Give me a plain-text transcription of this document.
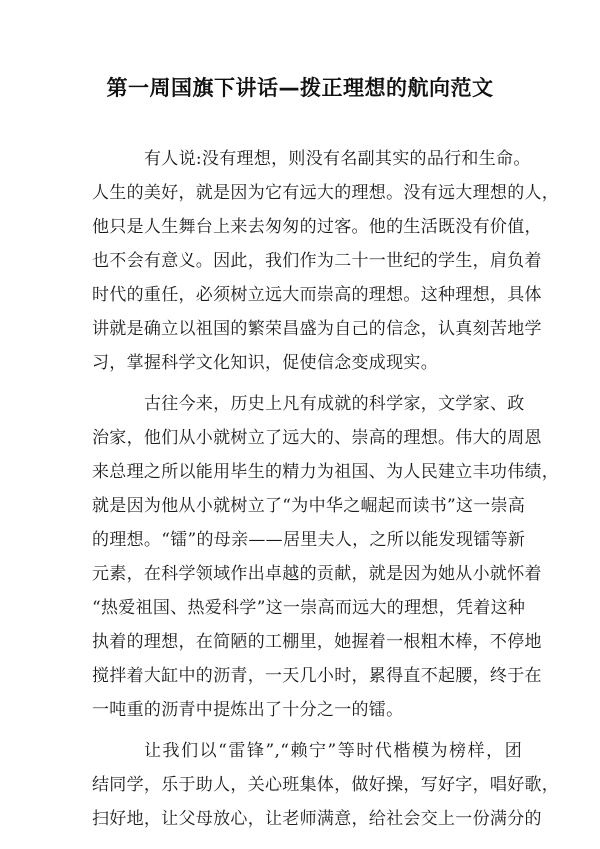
第一周国旗下讲话—拨正理想的航向范文
有人说:没有理想，则没有名副其实的品行和生命。
人生的美好，就是因为它有远大的理想。没有远大理想的人，
他只是人生舞台上来去匆匆的过客。他的生活既没有价值，
也不会有意义。因此，我们作为二十一世纪的学生，肩负着
时代的重任，必须树立远大而崇高的理想。这种理想，具体
讲就是确立以祖国的繁荣昌盛为自己的信念，认真刻苦地学
习，掌握科学文化知识，促使信念变成现实。
古往今来，历史上凡有成就的科学家，文学家、政
治家，他们从小就树立了远大的、崇高的理想。伟大的周恩
来总理之所以能用毕生的精力为祖国、为人民建立丰功伟绩，
就是因为他从小就树立了“为中华之崛起而读书”这一崇高
的理想。“镭”的母亲——居里夫人，之所以能发现镭等新
元素，在科学领域作出卓越的贡献，就是因为她从小就怀着
“热爱祖国、热爱科学”这一崇高而远大的理想，凭着这种
执着的理想，在简陋的工棚里，她握着一根粗木棒，不停地
搅拌着大缸中的沥青，一天几小时，累得直不起腰，终于在
一吨重的沥青中提炼出了十分之一的镭。
让我们以“雷锋”,“赖宁”等时代楷模为榜样，团
结同学，乐于助人，关心班集体，做好操，写好字，唱好歌，
扫好地，让父母放心，让老师满意，给社会交上一份满分的
